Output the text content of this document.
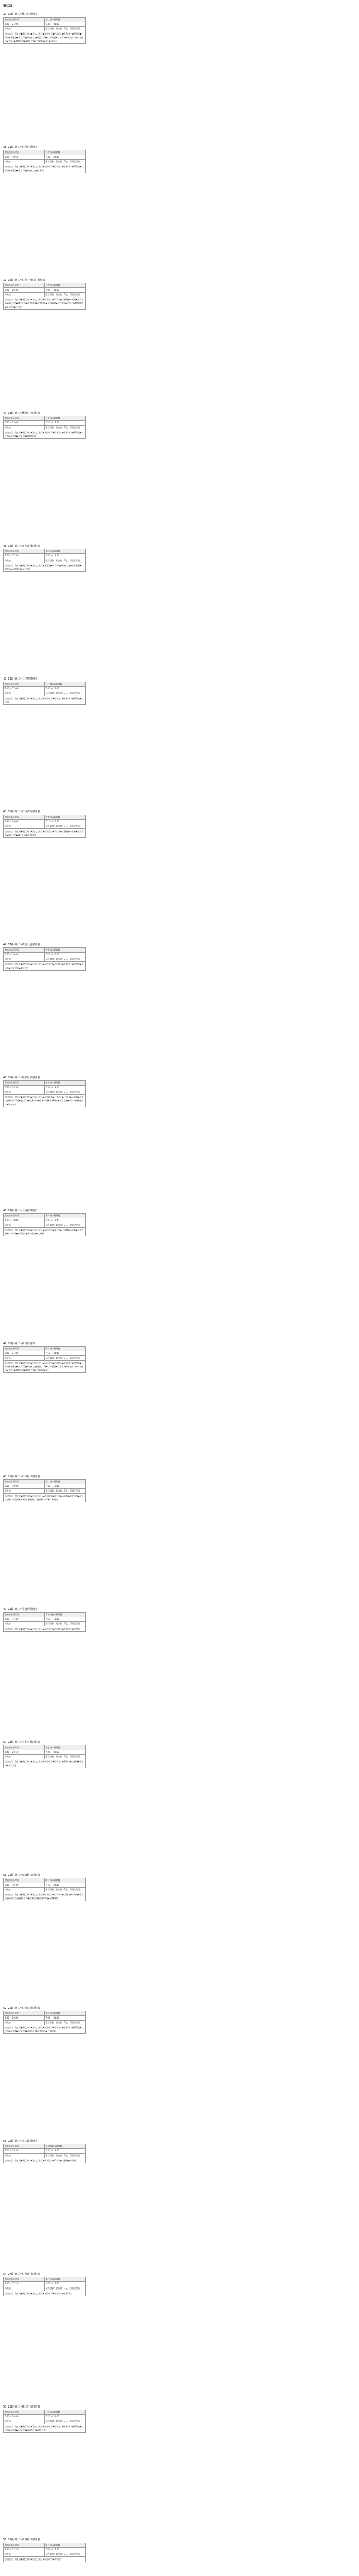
穗仁线：
37 10路 穗仁~穗仁行时刻表
穗站首末班时间	穗仁首末班时间
6:00 ~ 21:00	6:30 ~ 21:30
始发站	全程票价：起步价：3元，票面全程通
沿途站点：穗仁站▶穗仁路口▶宏达工业区▶城西中学▶西城路口▶仁和新村▶罗伯坊▶三孖塘▶永达路▶宏发大厦▶政府大道▶穗仁广场▶仁和西街▶仁和市场▶东城路口▶东方花园▶大岭村▶穗港口岸▶城东中学▶广和路口▶新村▶穗东站	
38 11路 穗仁~仁和行时刻表
穗站首末班时间	仁和首末班时间
6:50 ~ 19:50	7:30 ~ 20:30
始发站	全程票价：起步价：3元，票面全程通
沿途站点：穗仁站▶穗仁路口▶宏达工业区▶城西中学▶西城路口▶仁和新村▶罗伯坊▶三孖塘▶永达路▶宏发大厦▶政府大道▶仁和站	
39 12路 穗仁~仁和（西门）时刻表
穗站首末班时间	仁和首末班时间
6:20 ~ 20:40	7:00 ~ 21:20
始发站	全程票价：起步价：3元，票面全程通
沿途站点：穗仁站▶穗仁路口▶宏达工业区▶西城路口▶罗伯坊▶三孖塘▶永达路▶宏发大厦▶政府大道▶穗仁广场▶仁和西街▶仁和市场▶东城路口▶东方花园▶大岭村▶穗港口岸▶城东中学▶仁和站	
40 13路 穗仁~穗港口岸时刻表
穗站首末班时间	口岸首末班时间
6:40 ~ 18:00	7:20 ~ 18:40
始发站	全程票价：起步价：3元，票面全程通
沿途站点：穗仁站▶穗仁路口▶宏达工业区▶城西中学▶西城路口▶仁和新村▶罗伯坊▶三孖塘▶永达路▶宏发大厦▶穗港口岸	
41 14路 穗仁~东方花园时刻表
穗站首末班时间	花园首末班时间
7:00 ~ 17:30	7:40 ~ 18:10
始发站	全程票价：起步价：3元，票面全程通
沿途站点：穗仁站▶穗仁路口▶宏达工业区▶永达路▶宏发大厦▶政府大道▶仁和西街▶仁和市场▶东城路口▶东方花园	
42 15路 穗仁~三孖塘时刻表
穗站首末班时间	三孖塘首末班时间
7:10 ~ 17:00	7:40 ~ 17:30
始发站	全程票价：起步价：3元，票面全程通
沿途站点：穗仁站▶穗仁路口▶宏达工业区▶城西中学▶西城路口▶仁和新村▶罗伯坊▶三孖塘	
43 16路 穗仁~仁和西街时刻表
穗站首末班时间	西街首末班时间
6:30 ~ 20:00	7:10 ~ 20:40
始发站	全程票价：起步价：3元，票面全程通
沿途站点：穗仁站▶穗仁路口▶宏达工业区▶西城路口▶罗伯坊▶三孖塘▶永达路▶宏发大厦▶政府大道▶穗仁广场▶仁和西街	
44 17路 穗仁~政府大道时刻表
穗站首末班时间	大道首末班时间
6:40 ~ 19:40	7:20 ~ 20:20
始发站	全程票价：起步价：3元，票面全程通
沿途站点：穗仁站▶穗仁路口▶宏达工业区▶城西中学▶西城路口▶仁和新村▶罗伯坊▶永达路▶宏发大厦▶政府大道	
45 18路 穗仁~城东中学时刻表
穗站首末班时间	中学首末班时间
6:50 ~ 18:30	7:30 ~ 19:10
始发站	全程票价：起步价：3元，票面全程通
沿途站点：穗仁站▶穗仁路口▶宏达工业区▶西城路口▶仁和新村▶三孖塘▶永达路▶宏发大厦▶政府大道▶穗仁广场▶仁和西街▶仁和市场▶东城路口▶东方花园▶大岭村▶穗港口岸▶城东中学	
46 19路 穗仁~大岭村时刻表
穗站首末班时间	大岭首末班时间
7:00 ~ 18:00	7:40 ~ 18:40
始发站	全程票价：起步价：3元，票面全程通
沿途站点：穗仁站▶穗仁路口▶宏达工业区▶城西中学▶罗伯坊▶三孖塘▶永达路▶宏发大厦▶仁和市场▶东城路口▶东方花园▶大岭村	
47 20路 穗仁~新村时刻表
穗站首末班时间	新村首末班时间
6:30 ~ 21:00	7:10 ~ 21:40
始发站	全程票价：起步价：3元，票面全程通
沿途站点：穗仁站▶穗仁路口▶宏达工业区▶城西中学▶西城路口▶仁和新村▶罗伯坊▶三孖塘▶永达路▶宏发大厦▶政府大道▶穗仁广场▶仁和西街▶仁和市场▶东城路口▶东方花园▶大岭村▶穗港口岸▶城东中学▶广和路口▶新村	
48 21路 穗仁~广和路口时刻表
穗站首末班时间	路口首末班时间
6:50 ~ 19:00	7:30 ~ 19:40
始发站	全程票价：起步价：3元，票面全程通
沿途站点：穗仁站▶穗仁路口▶宏达工业区▶西城路口▶罗伯坊▶永达路▶宏发大厦▶政府大道▶仁和西街▶东城路口▶穗港口岸▶城东中学▶广和路口	
49 22路 穗仁~罗伯坊时刻表
穗站首末班时间	罗伯坊首末班时间
7:20 ~ 17:40	7:50 ~ 18:10
始发站	全程票价：起步价：3元，票面全程通
沿途站点：穗仁站▶穗仁路口▶宏达工业区▶城西中学▶西城路口▶仁和新村▶罗伯坊	
50 23路 穗仁~宏发大厦时刻表
穗站首末班时间	大厦首末班时间
6:40 ~ 20:10	7:20 ~ 20:50
始发站	全程票价：起步价：3元，票面全程通
沿途站点：穗仁站▶穗仁路口▶宏达工业区▶城西中学▶西城路口▶罗伯坊▶三孖塘▶永达路▶宏发大厦	
51 24路 穗仁~东城路口时刻表
穗站首末班时间	路口首末班时间
6:30 ~ 19:30	7:10 ~ 20:10
始发站	全程票价：起步价：3元，票面全程通
沿途站点：穗仁站▶穗仁路口▶宏达工业区▶西城路口▶仁和新村▶三孖塘▶永达路▶宏发大厦▶政府大道▶穗仁广场▶仁和西街▶仁和市场▶东城路口	
52 25路 穗仁~仁和市场时刻表
穗站首末班时间	市场首末班时间
6:20 ~ 20:20	7:00 ~ 21:00
始发站	全程票价：起步价：3元，票面全程通
沿途站点：穗仁站▶穗仁路口▶宏达工业区▶城西中学▶西城路口▶仁和新村▶罗伯坊▶三孖塘▶永达路▶宏发大厦▶政府大道▶仁和西街▶仁和市场	
53 26路 穗仁~永达路时刻表
穗站首末班时间	永达路首末班时间
7:00 ~ 18:30	7:30 ~ 19:00
始发站	全程票价：起步价：3元，票面全程通
沿途站点：穗仁站▶穗仁路口▶宏达工业区▶西城路口▶罗伯坊▶三孖塘▶永达路	
54 27路 穗仁~仁和新村时刻表
穗站首末班时间	新村首末班时间
7:10 ~ 17:10	7:40 ~ 17:40
始发站	全程票价：起步价：3元，票面全程通
沿途站点：穗仁站▶穗仁路口▶宏达工业区▶城西中学▶西城路口▶仁和新村	
55 28路 穗仁~穗仁广场时刻表
穗站首末班时间	广场首末班时间
6:40 ~ 20:40	7:20 ~ 21:20
始发站	全程票价：起步价：3元，票面全程通
沿途站点：穗仁站▶穗仁路口▶宏达工业区▶城西中学▶西城路口▶仁和新村▶罗伯坊▶三孖塘▶永达路▶宏发大厦▶政府大道▶穗仁广场	
56 29路 穗仁~西城路口时刻表
穗站首末班时间	路口首末班时间
7:20 ~ 17:20	7:40 ~ 17:40
始发站	全程票价：起步价：3元，票面全程通
沿途站点：穗仁站▶穗仁路口▶宏达工业区▶城西中学▶西城路口	
